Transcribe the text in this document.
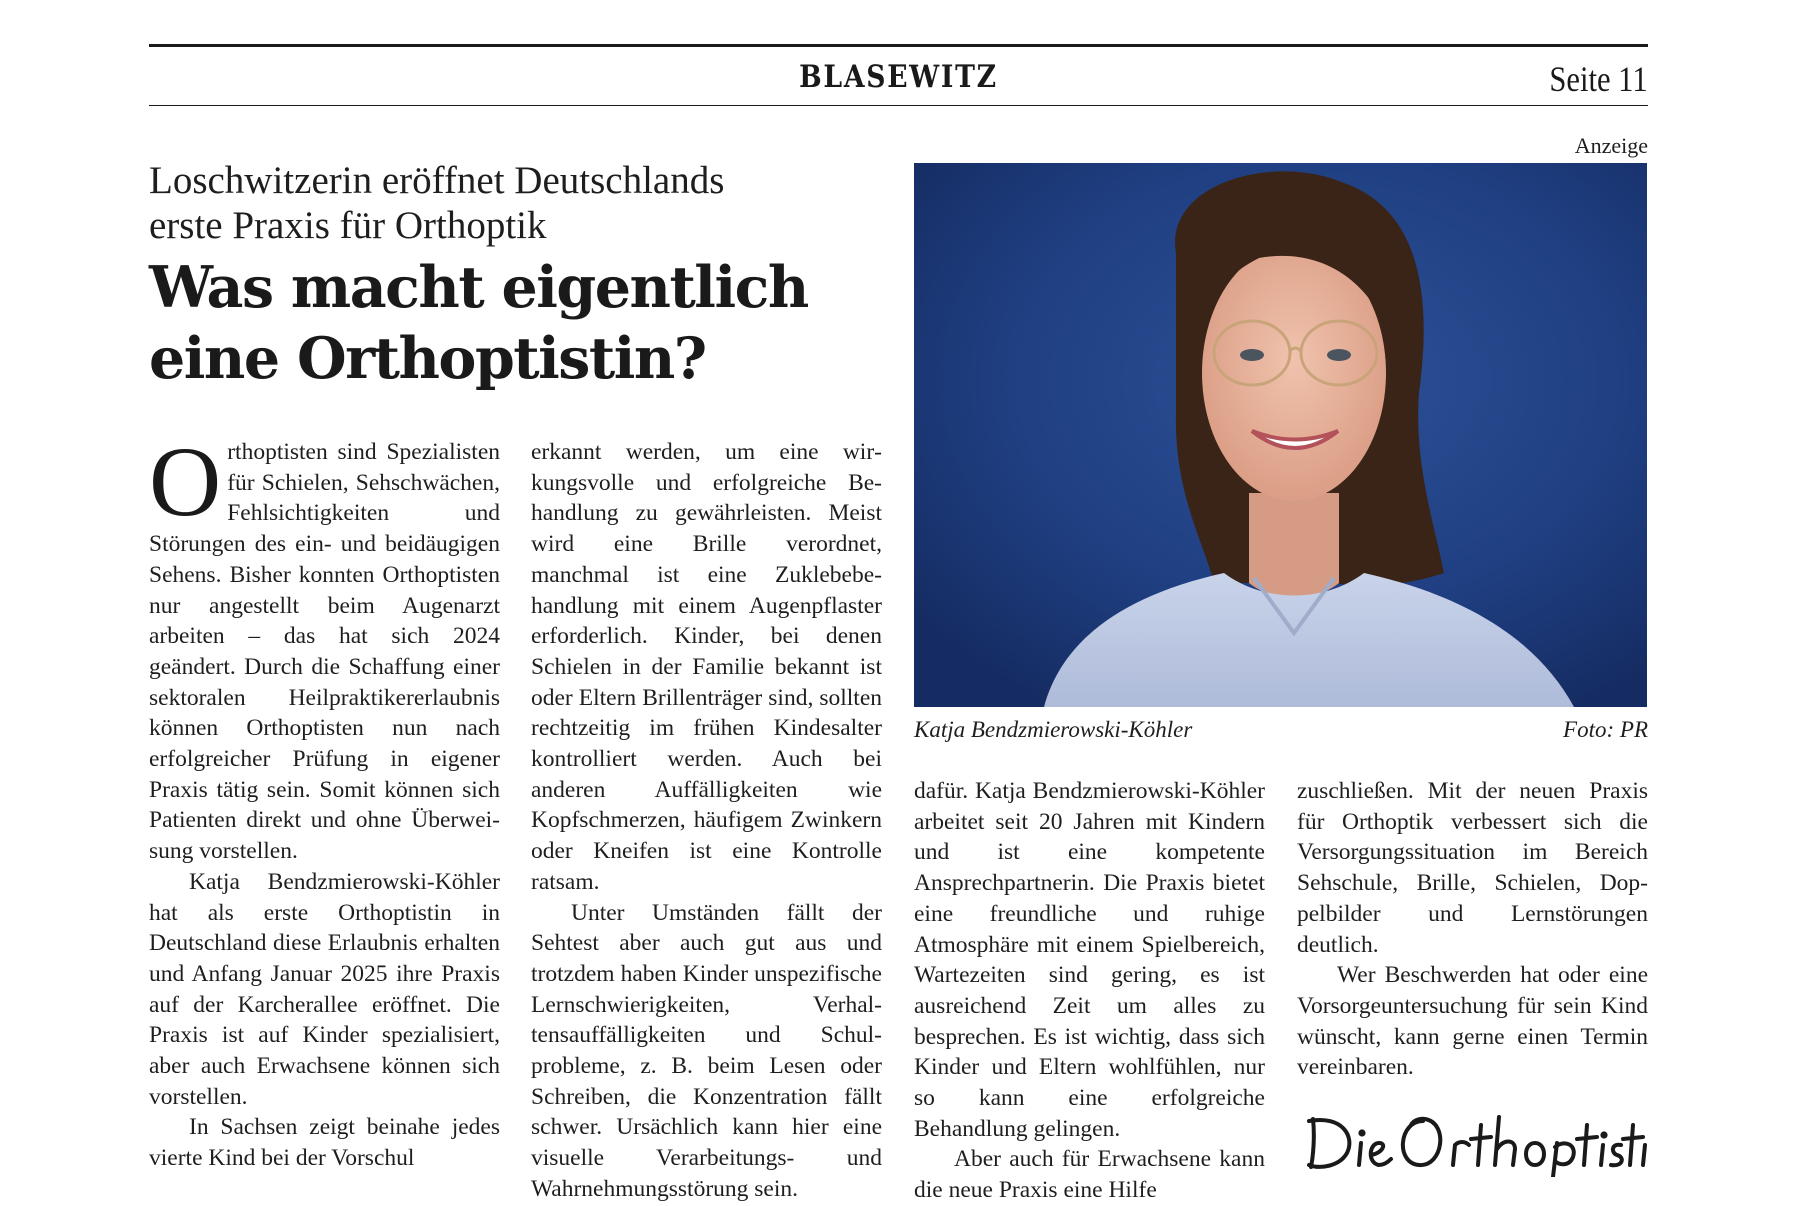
BLASEWITZ	Seite 11
Anzeige
Loschwitzerin eröffnet Deutschlands
erste Praxis für Orthoptik
Was macht eigentlich
eine Orthoptistin?
Katja Bendzmierowski-Köhler	Foto: PR

Orthoptisten sind Spezialisten für Schielen, Sehschwächen, Fehlsichtigkeiten und Störungen des ein- und beidäugigen Sehens. Bisher konnten Orthoptisten nur angestellt beim Augenarzt arbeiten – das hat sich 2024 geändert. Durch die Schaffung einer sektoralen Heilpraktikererlaubnis können Orthoptisten nun nach erfolgreicher Prüfung in eigener Praxis tätig sein. Somit können sich Patienten direkt und ohne Überweisung vorstellen.

Katja Bendzmierowski-Köhler hat als erste Orthoptistin in Deutschland diese Erlaubnis erhalten und Anfang Januar 2025 ihre Praxis auf der Karcherallee eröffnet. Die Praxis ist auf Kinder spezialisiert, aber auch Erwachsene können sich vorstellen.

In Sachsen zeigt beinahe jedes vierte Kind bei der Vorschul

erkannt werden, um eine wirkungsvolle und erfolgreiche Behandlung zu gewährleisten. Meist wird eine Brille verordnet, manchmal ist eine Zuklebebehandlung mit einem Augenpflaster erforderlich. Kinder, bei denen Schielen in der Familie bekannt ist oder Eltern Brillenträger sind, sollten rechtzeitig im frühen Kindesalter kontrolliert werden. Auch bei anderen Auffälligkeiten wie Kopfschmerzen, häufigem Zwinkern oder Kneifen ist eine Kontrolle ratsam.

Unter Umständen fällt der Sehtest aber auch gut aus und trotzdem haben Kinder unspezifische Lernschwierigkeiten, Verhaltensauffälligkeiten und Schulprobleme, z. B. beim Lesen oder Schreiben, die Konzentration fällt schwer. Ursächlich kann hier eine visuelle Verarbeitungs- und Wahrnehmungsstörung sein.

dafür. Katja Bendzmierowski-Köhler arbeitet seit 20 Jahren mit Kindern und ist eine kompetente Ansprechpartnerin. Die Praxis bietet eine freundliche und ruhige Atmosphäre mit einem Spielbereich, Wartezeiten sind gering, es ist ausreichend Zeit um alles zu besprechen. Es ist wichtig, dass sich Kinder und Eltern wohlfühlen, nur so kann eine erfolgreiche Behandlung gelingen.

Aber auch für Erwachsene kann die neue Praxis eine Hilfe

zuschließen. Mit der neuen Praxis für Orthoptik verbessert sich die Versorgungssituation im Bereich Sehschule, Brille, Schielen, Doppelbilder und Lernstörungen deutlich.

Wer Beschwerden hat oder eine Vorsorgeuntersuchung für sein Kind wünscht, kann gerne einen Termin vereinbaren.
